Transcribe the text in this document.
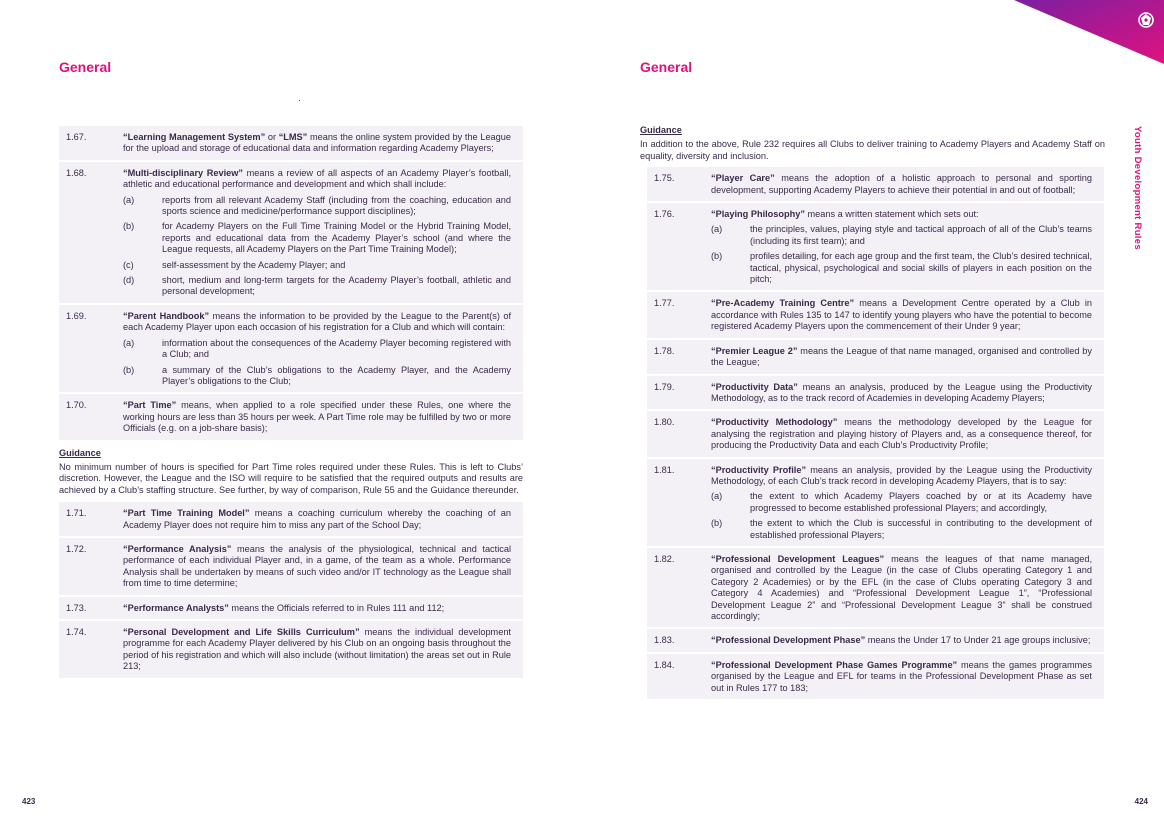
General
1.67.	“Learning Management System” or “LMS” means the online system provided by the League for the upload and storage of educational data and information regarding Academy Players;
1.68.	“Multi-disciplinary Review” means a review of all aspects of an Academy Player’s football, athletic and educational performance and development and which shall include:
(a)	reports from all relevant Academy Staff (including from the coaching, education and sports science and medicine/performance support disciplines);
(b)	for Academy Players on the Full Time Training Model or the Hybrid Training Model, reports and educational data from the Academy Player’s school (and where the League requests, all Academy Players on the Part Time Training Model);
(c)	self-assessment by the Academy Player; and
(d)	short, medium and long-term targets for the Academy Player’s football, athletic and personal development;
1.69.	“Parent Handbook” means the information to be provided by the League to the Parent(s) of each Academy Player upon each occasion of his registration for a Club and which will contain:
(a)	information about the consequences of the Academy Player becoming registered with a Club; and
(b)	a summary of the Club’s obligations to the Academy Player, and the Academy Player’s obligations to the Club;
1.70.	“Part Time” means, when applied to a role specified under these Rules, one where the working hours are less than 35 hours per week. A Part Time role may be fulfilled by two or more Officials (e.g. on a job-share basis);
Guidance
No minimum number of hours is specified for Part Time roles required under these Rules. This is left to Clubs’ discretion. However, the League and the ISO will require to be satisfied that the required outputs and results are achieved by a Club’s staffing structure. See further, by way of comparison, Rule 55 and the Guidance thereunder.
1.71.	“Part Time Training Model” means a coaching curriculum whereby the coaching of an Academy Player does not require him to miss any part of the School Day;
1.72.	“Performance Analysis” means the analysis of the physiological, technical and tactical performance of each individual Player and, in a game, of the team as a whole. Performance Analysis shall be undertaken by means of such video and/or IT technology as the League shall from time to time determine;
1.73.	“Performance Analysts” means the Officials referred to in Rules 111 and 112;
1.74.	“Personal Development and Life Skills Curriculum” means the individual development programme for each Academy Player delivered by his Club on an ongoing basis throughout the period of his registration and which will also include (without limitation) the areas set out in Rule 213;
423
General
Guidance
In addition to the above, Rule 232 requires all Clubs to deliver training to Academy Players and Academy Staff on equality, diversity and inclusion.
1.75.	“Player Care” means the adoption of a holistic approach to personal and sporting development, supporting Academy Players to achieve their potential in and out of football;
1.76.	“Playing Philosophy” means a written statement which sets out:
(a)	the principles, values, playing style and tactical approach of all of the Club’s teams (including its first team); and
(b)	profiles detailing, for each age group and the first team, the Club’s desired technical, tactical, physical, psychological and social skills of players in each position on the pitch;
1.77.	“Pre-Academy Training Centre” means a Development Centre operated by a Club in accordance with Rules 135 to 147 to identify young players who have the potential to become registered Academy Players upon the commencement of their Under 9 year;
1.78.	“Premier League 2” means the League of that name managed, organised and controlled by the League;
1.79.	“Productivity Data” means an analysis, produced by the League using the Productivity Methodology, as to the track record of Academies in developing Academy Players;
1.80.	“Productivity Methodology” means the methodology developed by the League for analysing the registration and playing history of Players and, as a consequence thereof, for producing the Productivity Data and each Club’s Productivity Profile;
1.81.	“Productivity Profile” means an analysis, provided by the League using the Productivity Methodology, of each Club’s track record in developing Academy Players, that is to say:
(a)	the extent to which Academy Players coached by or at its Academy have progressed to become established professional Players; and accordingly,
(b)	the extent to which the Club is successful in contributing to the development of established professional Players;
1.82.	“Professional Development Leagues” means the leagues of that name managed, organised and controlled by the League (in the case of Clubs operating Category 1 and Category 2 Academies) or by the EFL (in the case of Clubs operating Category 3 and Category 4 Academies) and “Professional Development League 1”, “Professional Development League 2” and “Professional Development League 3” shall be construed accordingly;
1.83.	“Professional Development Phase” means the Under 17 to Under 21 age groups inclusive;
1.84.	“Professional Development Phase Games Programme” means the games programmes organised by the League and EFL for teams in the Professional Development Phase as set out in Rules 177 to 183;
424
Youth Development Rules
